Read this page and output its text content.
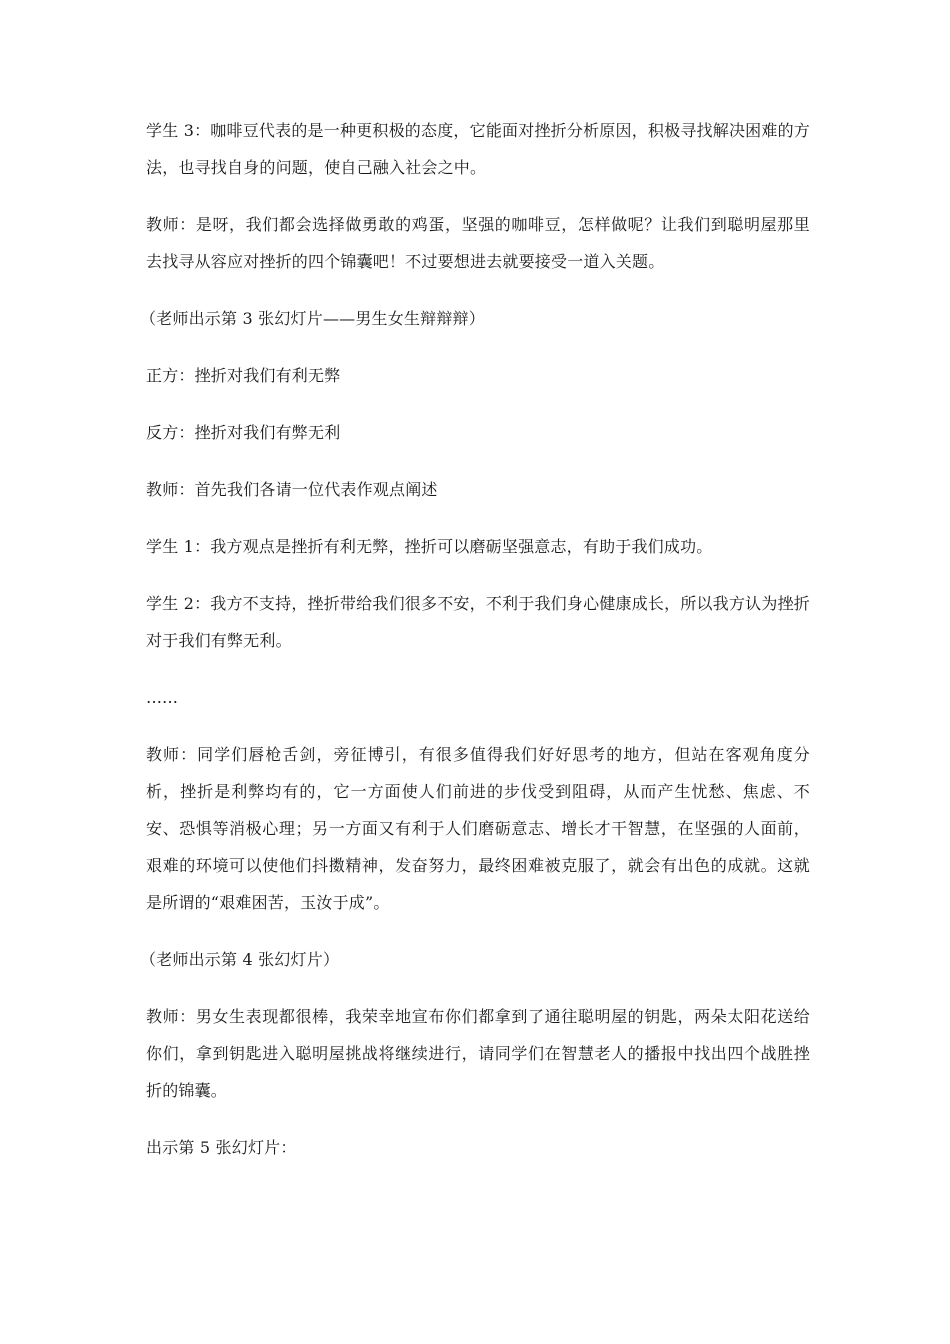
学生 3：咖啡豆代表的是一种更积极的态度，它能面对挫折分析原因，积极寻找解决困难的方法，也寻找自身的问题，使自己融入社会之中。

教师：是呀，我们都会选择做勇敢的鸡蛋，坚强的咖啡豆，怎样做呢？让我们到聪明屋那里去找寻从容应对挫折的四个锦囊吧！不过要想进去就要接受一道入关题。

（老师出示第 3 张幻灯片——男生女生辩辩辩）

正方：挫折对我们有利无弊

反方：挫折对我们有弊无利

教师：首先我们各请一位代表作观点阐述

学生 1：我方观点是挫折有利无弊，挫折可以磨砺坚强意志，有助于我们成功。

学生 2：我方不支持，挫折带给我们很多不安，不利于我们身心健康成长，所以我方认为挫折对于我们有弊无利。

……

教师：同学们唇枪舌剑，旁征博引，有很多值得我们好好思考的地方，但站在客观角度分析，挫折是利弊均有的，它一方面使人们前进的步伐受到阻碍，从而产生忧愁、焦虑、不安、恐惧等消极心理；另一方面又有利于人们磨砺意志、增长才干智慧，在坚强的人面前，艰难的环境可以使他们抖擞精神，发奋努力，最终困难被克服了，就会有出色的成就。这就是所谓的“艰难困苦，玉汝于成”。

（老师出示第 4 张幻灯片）

教师：男女生表现都很棒，我荣幸地宣布你们都拿到了通往聪明屋的钥匙，两朵太阳花送给你们，拿到钥匙进入聪明屋挑战将继续进行，请同学们在智慧老人的播报中找出四个战胜挫折的锦囊。

出示第 5 张幻灯片：
